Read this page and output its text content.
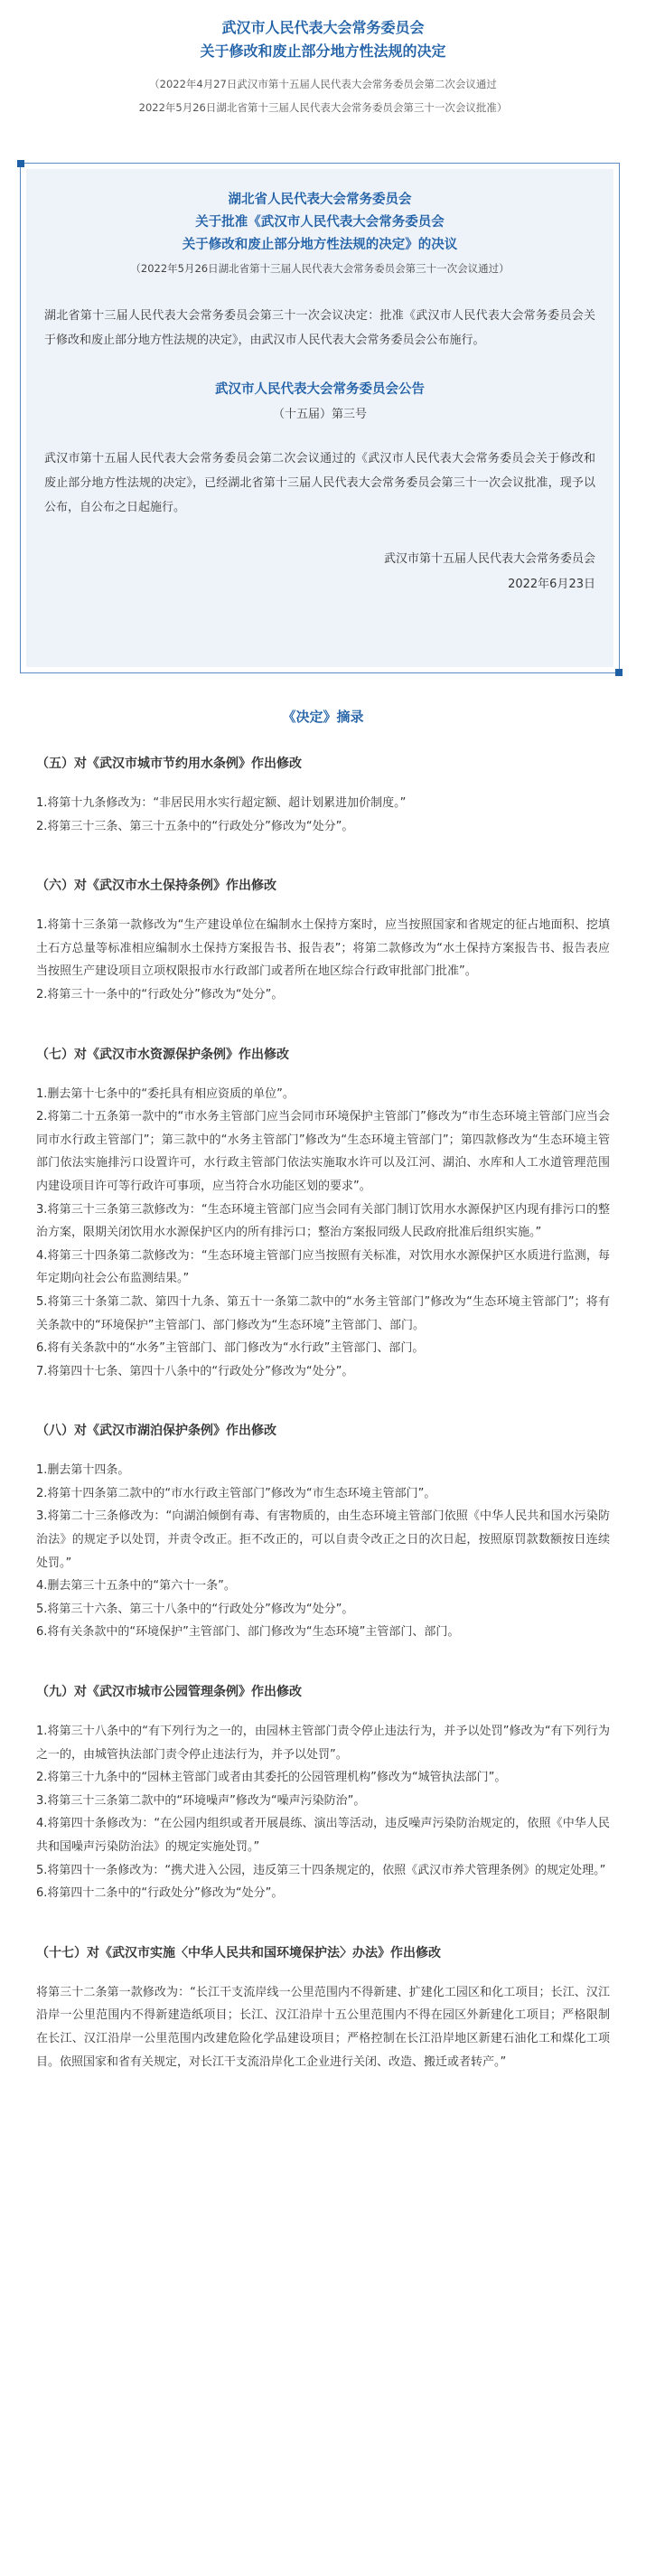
武汉市人民代表大会常务委员会

关于修改和废止部分地方性法规的决定

（2022年4月27日武汉市第十五届人民代表大会常务委员会第二次会议通过

2022年5月26日湖北省第十三届人民代表大会常务委员会第三十一次会议批准）

湖北省人民代表大会常务委员会

关于批准《武汉市人民代表大会常务委员会

关于修改和废止部分地方性法规的决定》的决议

（2022年5月26日湖北省第十三届人民代表大会常务委员会第三十一次会议通过）

湖北省第十三届人民代表大会常务委员会第三十一次会议决定：批准《武汉市人民代表大会常务委员会关于修改和废止部分地方性法规的决定》，由武汉市人民代表大会常务委员会公布施行。

武汉市人民代表大会常务委员会公告

（十五届）第三号

武汉市第十五届人民代表大会常务委员会第二次会议通过的《武汉市人民代表大会常务委员会关于修改和废止部分地方性法规的决定》，已经湖北省第十三届人民代表大会常务委员会第三十一次会议批准，现予以公布，自公布之日起施行。

武汉市第十五届人民代表大会常务委员会

2022年6月23日

《决定》摘录

（五）对《武汉市城市节约用水条例》作出修改

1.将第十九条修改为：“非居民用水实行超定额、超计划累进加价制度。”

2.将第三十三条、第三十五条中的“行政处分”修改为“处分”。

（六）对《武汉市水土保持条例》作出修改

1.将第十三条第一款修改为“生产建设单位在编制水土保持方案时，应当按照国家和省规定的征占地面积、挖填土石方总量等标准相应编制水土保持方案报告书、报告表”；将第二款修改为“水土保持方案报告书、报告表应当按照生产建设项目立项权限报市水行政部门或者所在地区综合行政审批部门批准”。

2.将第三十一条中的“行政处分”修改为“处分”。

（七）对《武汉市水资源保护条例》作出修改

1.删去第十七条中的“委托具有相应资质的单位”。

2.将第二十五条第一款中的“市水务主管部门应当会同市环境保护主管部门”修改为“市生态环境主管部门应当会同市水行政主管部门”；第三款中的“水务主管部门”修改为“生态环境主管部门”；第四款修改为“生态环境主管部门依法实施排污口设置许可，水行政主管部门依法实施取水许可以及江河、湖泊、水库和人工水道管理范围内建设项目许可等行政许可事项，应当符合水功能区划的要求”。

3.将第三十三条第三款修改为：“生态环境主管部门应当会同有关部门制订饮用水水源保护区内现有排污口的整治方案，限期关闭饮用水水源保护区内的所有排污口；整治方案报同级人民政府批准后组织实施。”

4.将第三十四条第二款修改为：“生态环境主管部门应当按照有关标准，对饮用水水源保护区水质进行监测，每年定期向社会公布监测结果。”

5.将第三十条第二款、第四十九条、第五十一条第二款中的“水务主管部门”修改为“生态环境主管部门”；将有关条款中的“环境保护”主管部门、部门修改为“生态环境”主管部门、部门。

6.将有关条款中的“水务”主管部门、部门修改为“水行政”主管部门、部门。

7.将第四十七条、第四十八条中的“行政处分”修改为“处分”。

（八）对《武汉市湖泊保护条例》作出修改

1.删去第十四条。

2.将第十四条第二款中的“市水行政主管部门”修改为“市生态环境主管部门”。

3.将第二十三条修改为：“向湖泊倾倒有毒、有害物质的，由生态环境主管部门依照《中华人民共和国水污染防治法》的规定予以处罚，并责令改正。拒不改正的，可以自责令改正之日的次日起，按照原罚款数额按日连续处罚。”

4.删去第三十五条中的“第六十一条”。

5.将第三十六条、第三十八条中的“行政处分”修改为“处分”。

6.将有关条款中的“环境保护”主管部门、部门修改为“生态环境”主管部门、部门。

（九）对《武汉市城市公园管理条例》作出修改

1.将第三十八条中的“有下列行为之一的，由园林主管部门责令停止违法行为，并予以处罚”修改为“有下列行为之一的，由城管执法部门责令停止违法行为，并予以处罚”。

2.将第三十九条中的“园林主管部门或者由其委托的公园管理机构”修改为“城管执法部门”。

3.将第三十三条第二款中的“环境噪声”修改为“噪声污染防治”。

4.将第四十条修改为：“在公园内组织或者开展晨练、演出等活动，违反噪声污染防治规定的，依照《中华人民共和国噪声污染防治法》的规定实施处罚。”

5.将第四十一条修改为：“携犬进入公园，违反第三十四条规定的，依照《武汉市养犬管理条例》的规定处理。”

6.将第四十二条中的“行政处分”修改为“处分”。

（十七）对《武汉市实施〈中华人民共和国环境保护法〉办法》作出修改

将第三十二条第一款修改为：“长江干支流岸线一公里范围内不得新建、扩建化工园区和化工项目；长江、汉江沿岸一公里范围内不得新建造纸项目；长江、汉江沿岸十五公里范围内不得在园区外新建化工项目；严格限制在长江、汉江沿岸一公里范围内改建危险化学品建设项目；严格控制在长江沿岸地区新建石油化工和煤化工项目。依照国家和省有关规定，对长江干支流沿岸化工企业进行关闭、改造、搬迁或者转产。”
